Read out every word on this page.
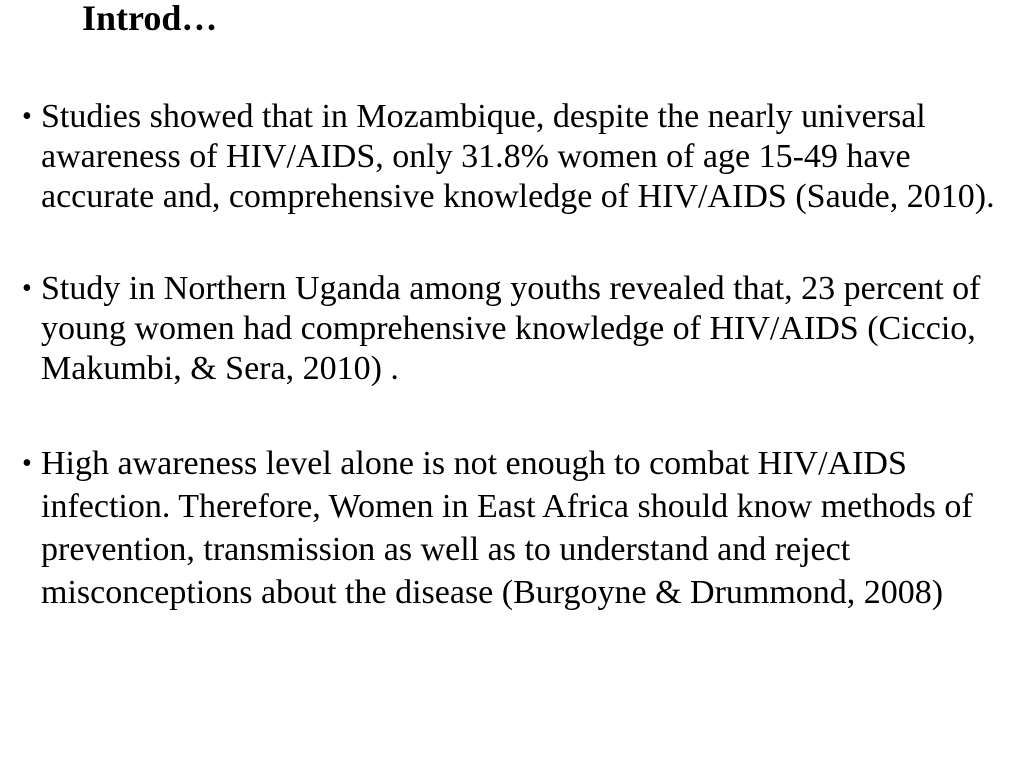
Introd…
• Studies showed that in Mozambique, despite the nearly universal awareness of HIV/AIDS, only 31.8% women of age 15-49 have accurate and, comprehensive knowledge of HIV/AIDS (Saude, 2010).
• Study in Northern Uganda among youths revealed that, 23 percent of young women had comprehensive knowledge of HIV/AIDS (Ciccio, Makumbi, & Sera, 2010) .
• High awareness level alone is not enough to combat HIV/AIDS infection. Therefore, Women in East Africa should know methods of prevention, transmission as well as to understand and reject misconceptions about the disease (Burgoyne & Drummond, 2008)
